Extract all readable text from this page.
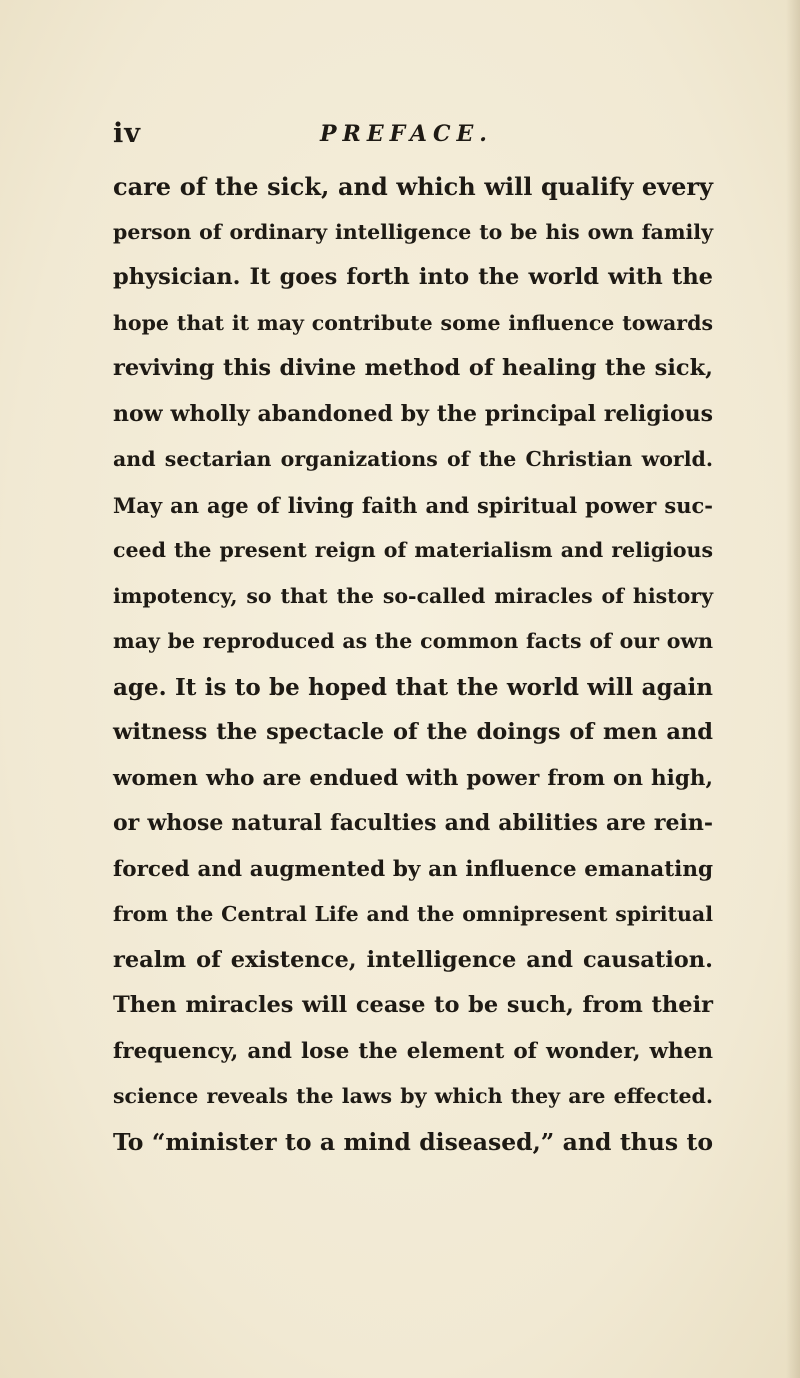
iv	PREFACE.
care of the sick, and which will qualify every
person of ordinary intelligence to be his own family
physician. It goes forth into the world with the
hope that it may contribute some influence towards
reviving this divine method of healing the sick,
now wholly abandoned by the principal religious
and sectarian organizations of the Christian world.
May an age of living faith and spiritual power suc-
ceed the present reign of materialism and religious
impotency, so that the so-called miracles of history
may be reproduced as the common facts of our own
age. It is to be hoped that the world will again
witness the spectacle of the doings of men and
women who are endued with power from on high,
or whose natural faculties and abilities are rein-
forced and augmented by an influence emanating
from the Central Life and the omnipresent spiritual
realm of existence, intelligence and causation.
Then miracles will cease to be such, from their
frequency, and lose the element of wonder, when
science reveals the laws by which they are effected.
To “minister to a mind diseased,” and thus to
